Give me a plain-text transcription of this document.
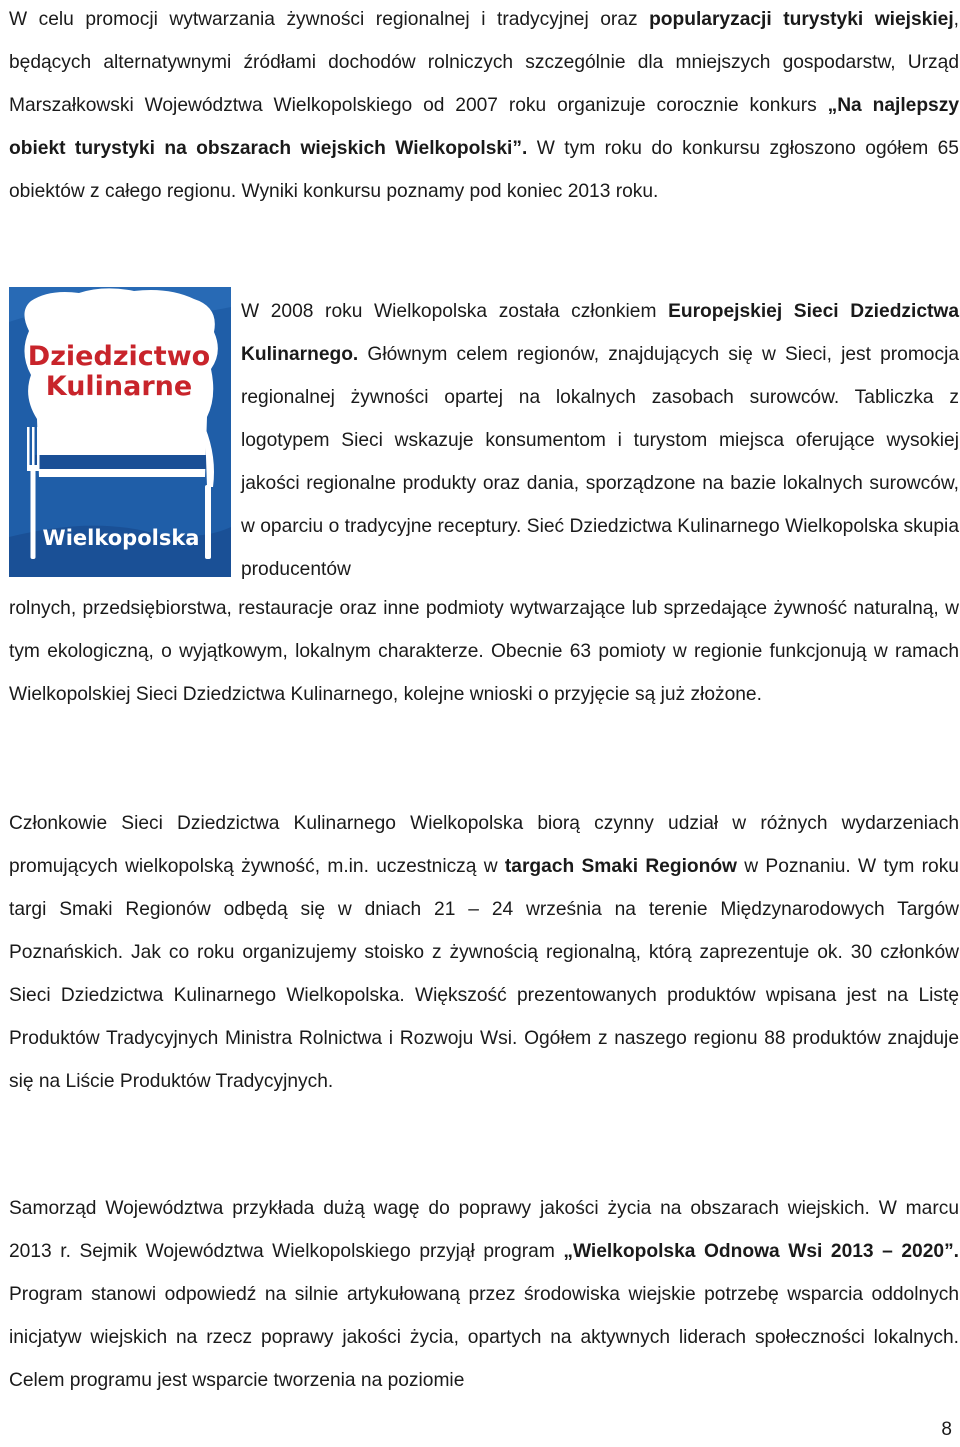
W celu promocji wytwarzania żywności regionalnej i tradycyjnej oraz popularyzacji turystyki wiejskiej, będących alternatywnymi źródłami dochodów rolniczych szczególnie dla mniejszych gospodarstw, Urząd Marszałkowski Województwa Wielkopolskiego od 2007 roku organizuje corocznie konkurs „Na najlepszy obiekt turystyki na obszarach wiejskich Wielkopolski”. W tym roku do konkursu zgłoszono ogółem 65 obiektów z całego regionu. Wyniki konkursu poznamy pod koniec 2013 roku.

Dziedzictwo
Kulinarne
Wielkopolska

W 2008 roku Wielkopolska została członkiem Europejskiej Sieci Dziedzictwa Kulinarnego. Głównym celem regionów, znajdujących się w Sieci, jest promocja regionalnej żywności opartej na lokalnych zasobach surowców. Tabliczka z logotypem Sieci wskazuje konsumentom i turystom miejsca oferujące wysokiej jakości regionalne produkty oraz dania, sporządzone na bazie lokalnych surowców, w oparciu o tradycyjne receptury. Sieć Dziedzictwa Kulinarnego Wielkopolska skupia producentów

rolnych, przedsiębiorstwa, restauracje oraz inne podmioty wytwarzające lub sprzedające żywność naturalną, w tym ekologiczną, o wyjątkowym, lokalnym charakterze. Obecnie 63 pomioty w regionie funkcjonują w ramach Wielkopolskiej Sieci Dziedzictwa Kulinarnego, kolejne wnioski o przyjęcie są już złożone.

Członkowie Sieci Dziedzictwa Kulinarnego Wielkopolska biorą czynny udział w różnych wydarzeniach promujących wielkopolską żywność, m.in. uczestniczą w targach Smaki Regionów w Poznaniu. W tym roku targi Smaki Regionów odbędą się w dniach 21 – 24 września na terenie Międzynarodowych Targów Poznańskich. Jak co roku organizujemy stoisko z żywnością regionalną, którą zaprezentuje ok. 30 członków Sieci Dziedzictwa Kulinarnego Wielkopolska. Większość prezentowanych produktów wpisana jest na Listę Produktów Tradycyjnych Ministra Rolnictwa i Rozwoju Wsi. Ogółem z naszego regionu 88 produktów znajduje się na Liście Produktów Tradycyjnych.

Samorząd Województwa przykłada dużą wagę do poprawy jakości życia na obszarach wiejskich. W marcu 2013 r. Sejmik Województwa Wielkopolskiego przyjął program „Wielkopolska Odnowa Wsi 2013 – 2020”. Program stanowi odpowiedź na silnie artykułowaną przez środowiska wiejskie potrzebę wsparcia oddolnych inicjatyw wiejskich na rzecz poprawy jakości życia, opartych na aktywnych liderach społeczności lokalnych. Celem programu jest wsparcie tworzenia na poziomie

8
